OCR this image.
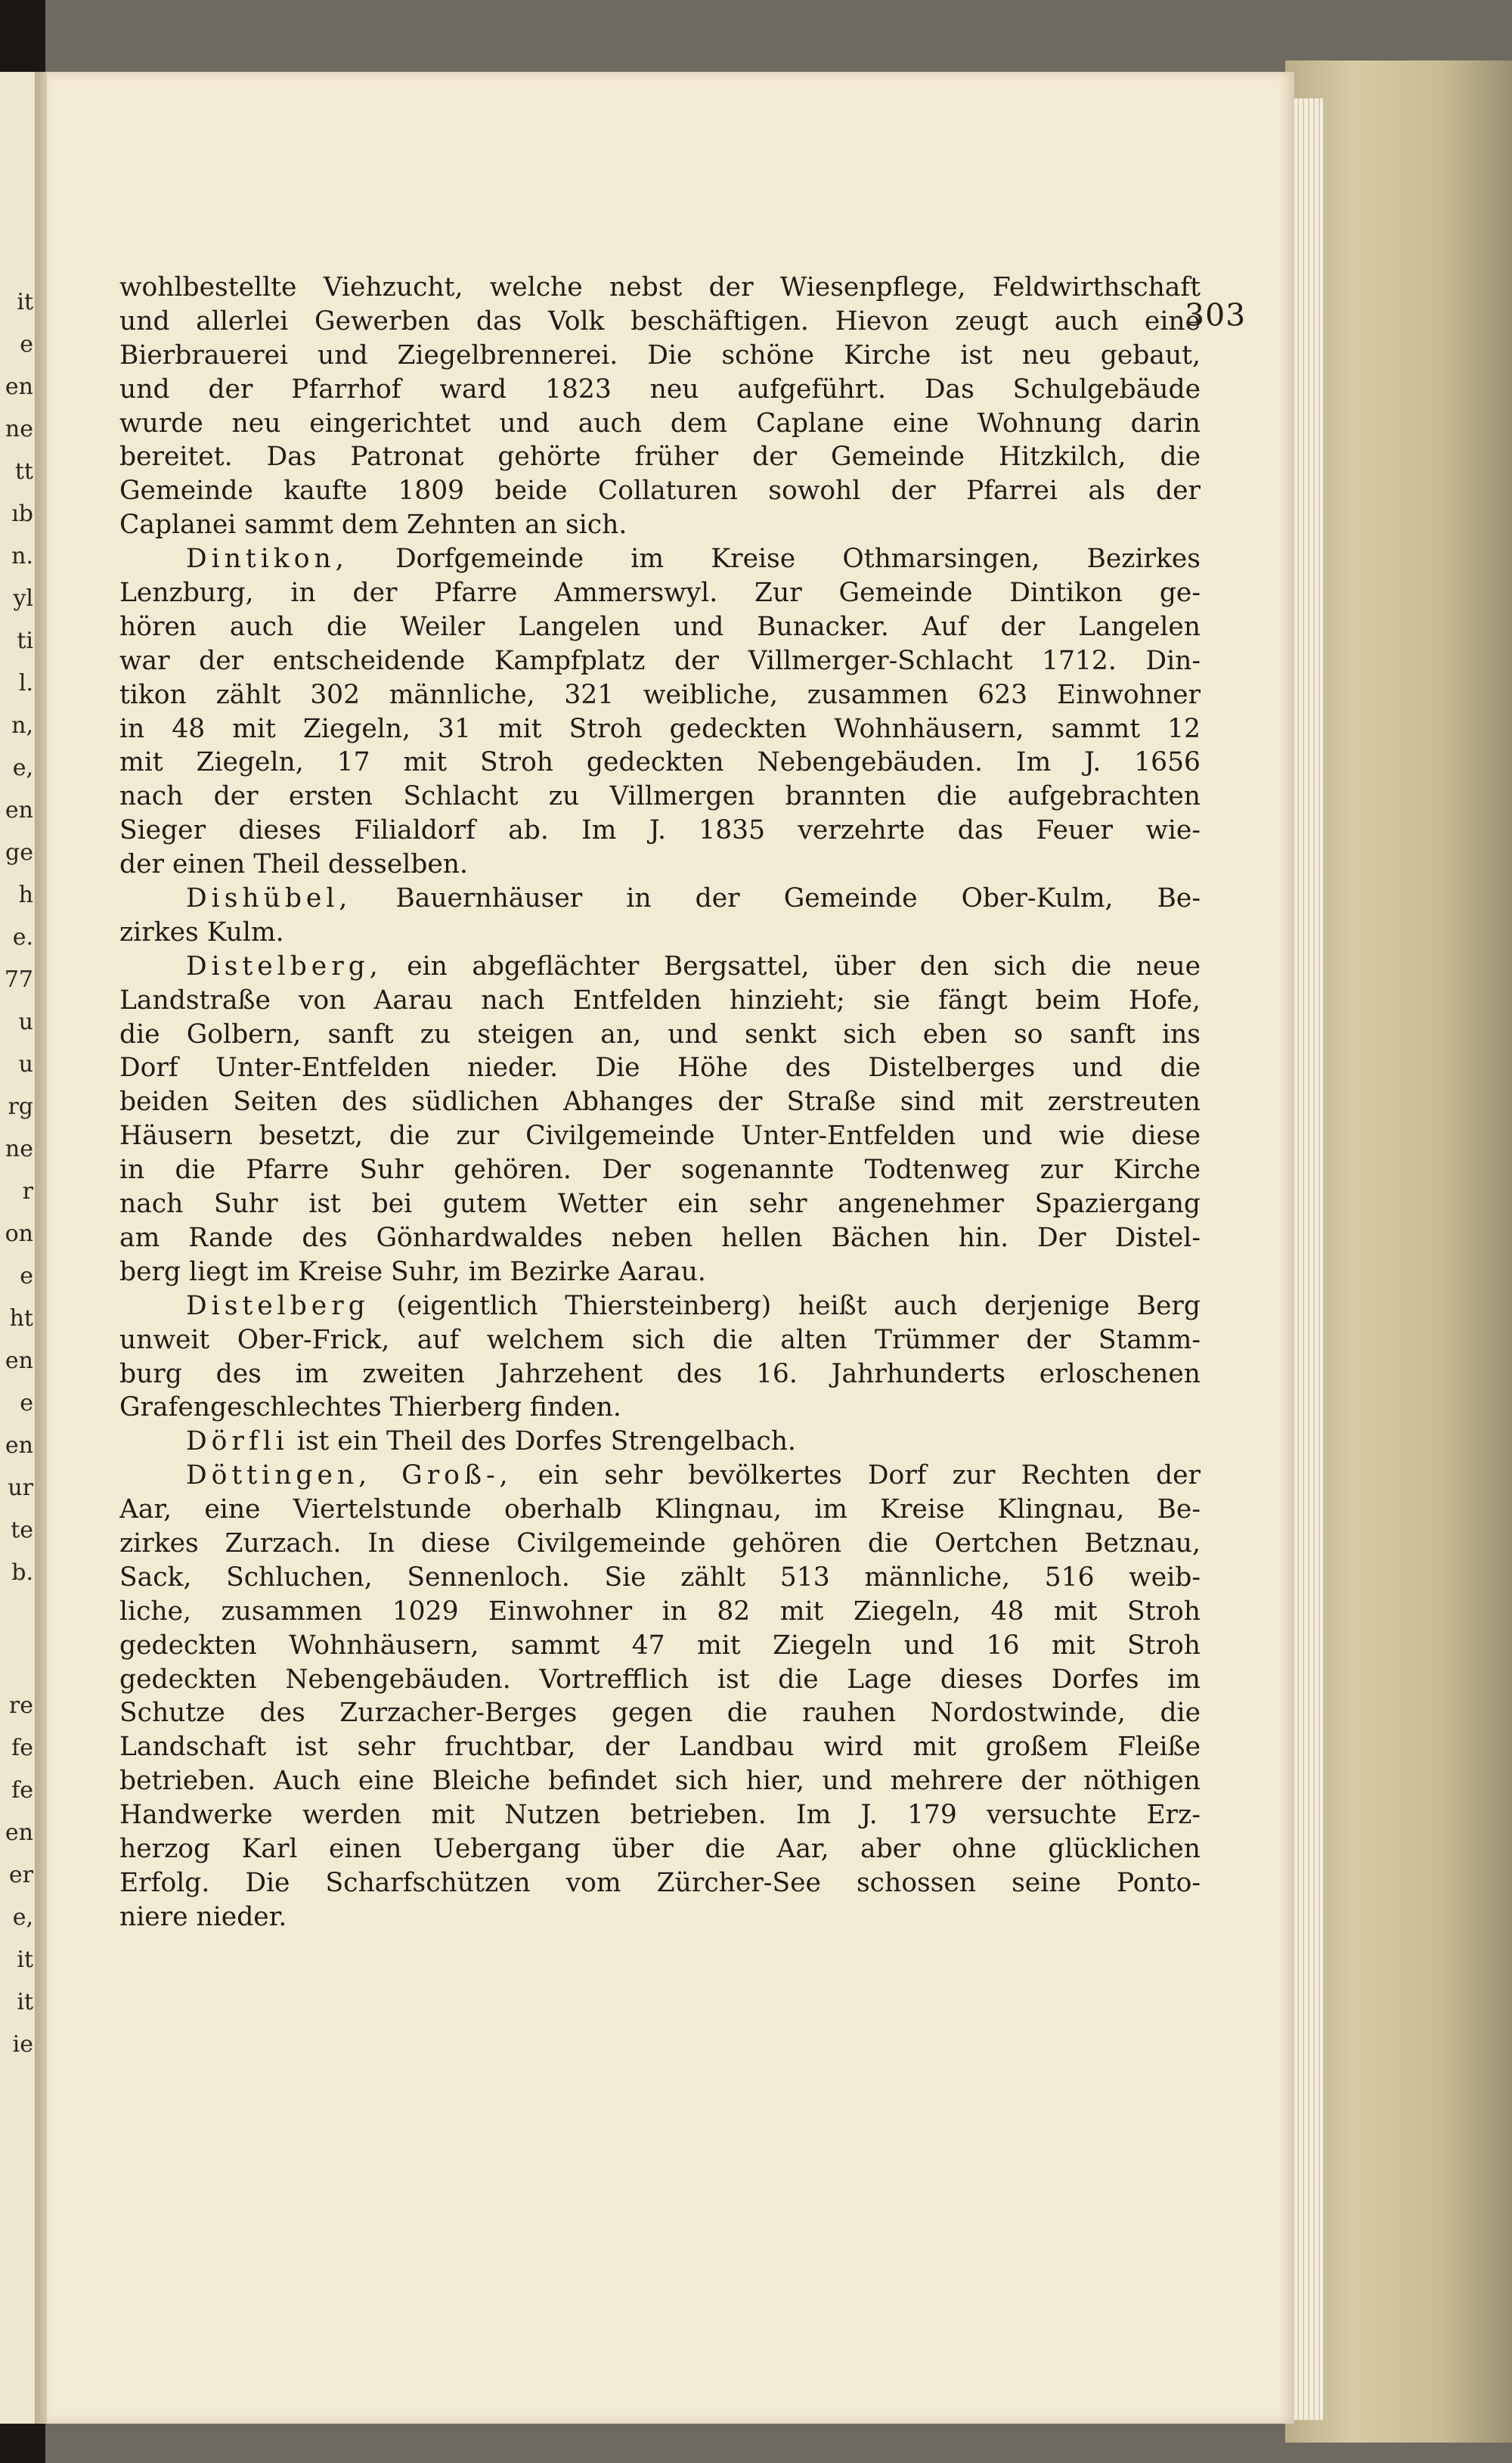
it
e
en
ne
tt
ıb
n.
yl
ti
l.
n,
e,
en
ge
h
e.
77
u
u
rg
ne
r
on
e
ht
en
e
en
ur
te
b.
re
fe
fe
en
er
e,
it
it
ie
303
wohlbestellte Viehzucht, welche nebst der Wiesenpflege, Feldwirthschaft
und allerlei Gewerben das Volk beschäftigen. Hievon zeugt auch eine
Bierbrauerei und Ziegelbrennerei. Die schöne Kirche ist neu gebaut,
und der Pfarrhof ward 1823 neu aufgeführt. Das Schulgebäude
wurde neu eingerichtet und auch dem Caplane eine Wohnung darin
bereitet. Das Patronat gehörte früher der Gemeinde Hitzkilch, die
Gemeinde kaufte 1809 beide Collaturen sowohl der Pfarrei als der
Caplanei sammt dem Zehnten an sich.
Dintikon, Dorfgemeinde im Kreise Othmarsingen, Bezirkes
Lenzburg, in der Pfarre Ammerswyl. Zur Gemeinde Dintikon ge-
hören auch die Weiler Langelen und Bunacker. Auf der Langelen
war der entscheidende Kampfplatz der Villmerger-Schlacht 1712. Din-
tikon zählt 302 männliche, 321 weibliche, zusammen 623 Einwohner
in 48 mit Ziegeln, 31 mit Stroh gedeckten Wohnhäusern, sammt 12
mit Ziegeln, 17 mit Stroh gedeckten Nebengebäuden. Im J. 1656
nach der ersten Schlacht zu Villmergen brannten die aufgebrachten
Sieger dieses Filialdorf ab. Im J. 1835 verzehrte das Feuer wie-
der einen Theil desselben.
Dishübel, Bauernhäuser in der Gemeinde Ober-Kulm, Be-
zirkes Kulm.
Distelberg, ein abgeflächter Bergsattel, über den sich die neue
Landstraße von Aarau nach Entfelden hinzieht; sie fängt beim Hofe,
die Golbern, sanft zu steigen an, und senkt sich eben so sanft ins
Dorf Unter-Entfelden nieder. Die Höhe des Distelberges und die
beiden Seiten des südlichen Abhanges der Straße sind mit zerstreuten
Häusern besetzt, die zur Civilgemeinde Unter-Entfelden und wie diese
in die Pfarre Suhr gehören. Der sogenannte Todtenweg zur Kirche
nach Suhr ist bei gutem Wetter ein sehr angenehmer Spaziergang
am Rande des Gönhardwaldes neben hellen Bächen hin. Der Distel-
berg liegt im Kreise Suhr, im Bezirke Aarau.
Distelberg (eigentlich Thiersteinberg) heißt auch derjenige Berg
unweit Ober-Frick, auf welchem sich die alten Trümmer der Stamm-
burg des im zweiten Jahrzehent des 16. Jahrhunderts erloschenen
Grafengeschlechtes Thierberg finden.
Dörfli ist ein Theil des Dorfes Strengelbach.
Döttingen, Groß-, ein sehr bevölkertes Dorf zur Rechten der
Aar, eine Viertelstunde oberhalb Klingnau, im Kreise Klingnau, Be-
zirkes Zurzach. In diese Civilgemeinde gehören die Oertchen Betznau,
Sack, Schluchen, Sennenloch. Sie zählt 513 männliche, 516 weib-
liche, zusammen 1029 Einwohner in 82 mit Ziegeln, 48 mit Stroh
gedeckten Wohnhäusern, sammt 47 mit Ziegeln und 16 mit Stroh
gedeckten Nebengebäuden. Vortrefflich ist die Lage dieses Dorfes im
Schutze des Zurzacher-Berges gegen die rauhen Nordostwinde, die
Landschaft ist sehr fruchtbar, der Landbau wird mit großem Fleiße
betrieben. Auch eine Bleiche befindet sich hier, und mehrere der nöthigen
Handwerke werden mit Nutzen betrieben. Im J. 179 versuchte Erz-
herzog Karl einen Uebergang über die Aar, aber ohne glücklichen
Erfolg. Die Scharfschützen vom Zürcher-See schossen seine Ponto-
niere nieder.
